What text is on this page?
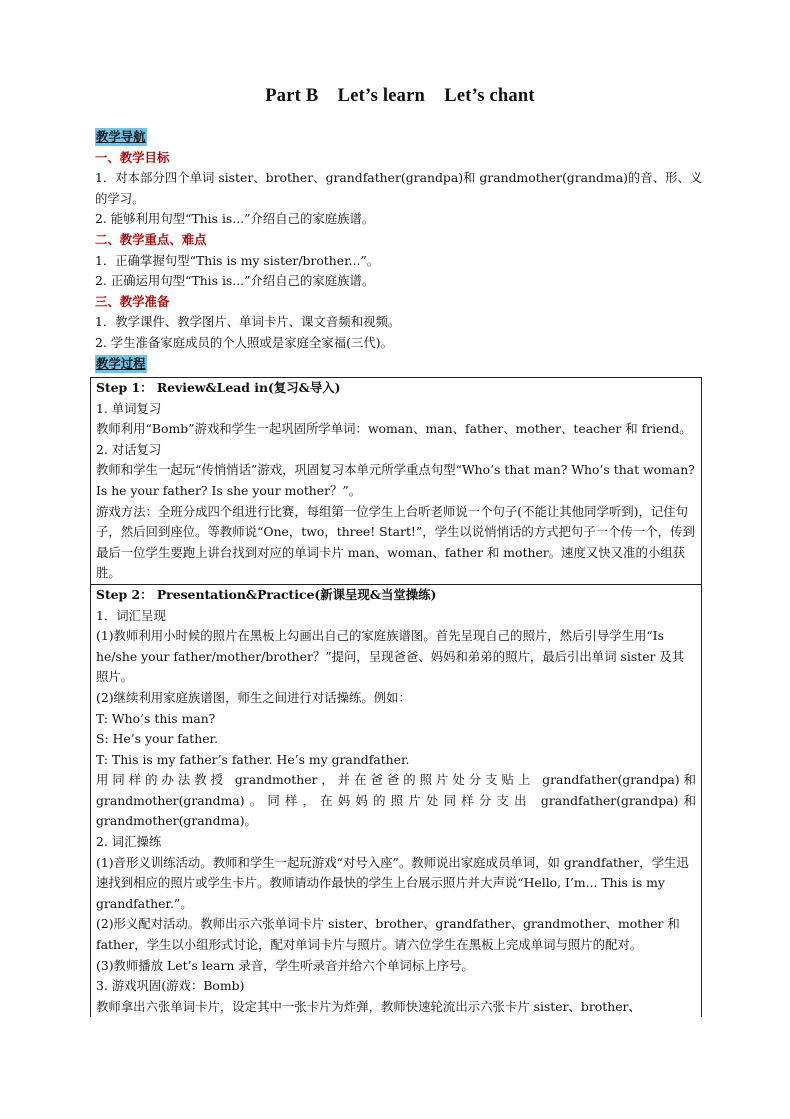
Part B    Let’s learn    Let’s chant
教学导航
一、教学目标
1．对本部分四个单词 sister、brother、grandfather(grandpa)和 grandmother(grandma)的音、形、义的学习。
2. 能够利用句型“This is...”介绍自己的家庭族谱。
二、教学重点、难点
1．正确掌握句型“This is my sister/brother...”。
2. 正确运用句型“This is...”介绍自己的家庭族谱。
三、教学准备
1．教学课件、教学图片、单词卡片、课文音频和视频。
2. 学生准备家庭成员的个人照或是家庭全家福(三代)。
教学过程
Step 1： Review&Lead in(复习&导入)
1. 单词复习
教师利用“Bomb”游戏和学生一起巩固所学单词：woman、man、father、mother、teacher 和 friend。
2. 对话复习
教师和学生一起玩“传悄悄话”游戏，巩固复习本单元所学重点句型“Who’s that man? Who’s that woman? Is he your father? Is she your mother？”。
游戏方法：全班分成四个组进行比赛，每组第一位学生上台听老师说一个句子(不能让其他同学听到)，记住句子，然后回到座位。等教师说“One，two，three! Start!”，学生以说悄悄话的方式把句子一个传一个，传到最后一位学生要跑上讲台找到对应的单词卡片 man、woman、father 和 mother。速度又快又准的小组获胜。
Step 2： Presentation&Practice(新课呈现&当堂操练)
1．词汇呈现
(1)教师利用小时候的照片在黑板上勾画出自己的家庭族谱图。首先呈现自己的照片，然后引导学生用“Is he/she your father/mother/brother？”提问，呈现爸爸、妈妈和弟弟的照片，最后引出单词 sister 及其照片。
(2)继续利用家庭族谱图，师生之间进行对话操练。例如：
T: Who’s this man?
S: He’s your father.
T: This is my father’s father. He’s my grandfather.
用同样的办法教授 grandmother，并在爸爸的照片处分支贴上 grandfather(grandpa)和 grandmother(grandma)。同样，在妈妈的照片处同样分支出 grandfather(grandpa)和 grandmother(grandma)。
2. 词汇操练
(1)音形义训练活动。教师和学生一起玩游戏“对号入座”。教师说出家庭成员单词，如 grandfather，学生迅速找到相应的照片或学生卡片。教师请动作最快的学生上台展示照片并大声说“Hello, I’m... This is my grandfather.”。
(2)形义配对活动。教师出示六张单词卡片 sister、brother、grandfather、grandmother、mother 和 father，学生以小组形式讨论，配对单词卡片与照片。请六位学生在黑板上完成单词与照片的配对。
(3)教师播放 Let’s learn 录音，学生听录音并给六个单词标上序号。
3. 游戏巩固(游戏：Bomb)
教师拿出六张单词卡片，设定其中一张卡片为炸弹，教师快速轮流出示六张卡片 sister、brother、
